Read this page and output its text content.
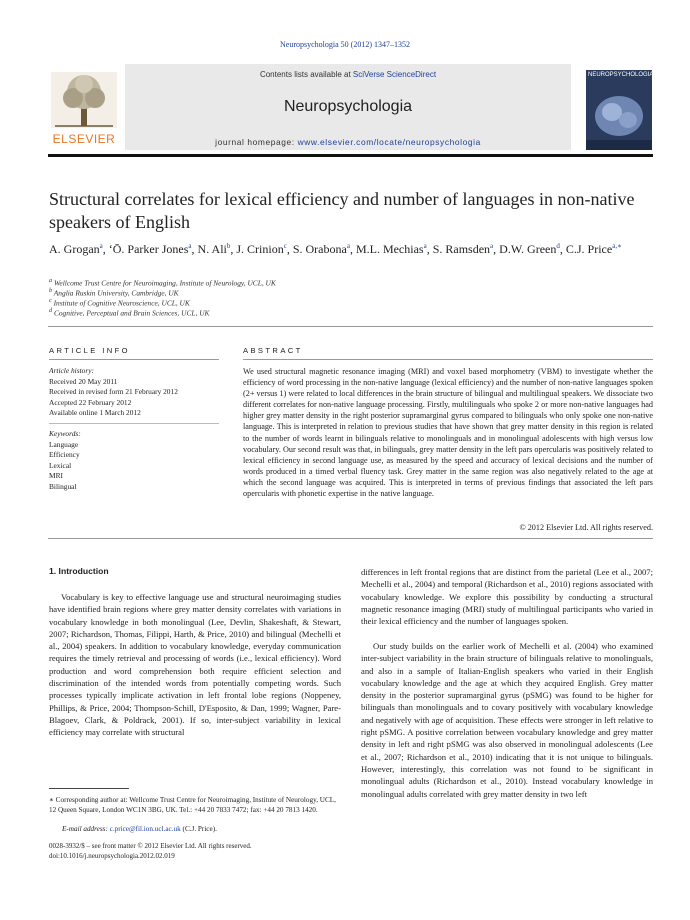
Neuropsychologia 50 (2012) 1347–1352
Contents lists available at SciVerse ScienceDirect
Neuropsychologia
journal homepage: www.elsevier.com/locate/neuropsychologia
ELSEVIER
NEUROPSYCHOLOGIA
Structural correlates for lexical efficiency and number of languages in non-native speakers of English
A. Grogan$^a$, ‘Ō. Parker Jones$^a$, N. Ali$^b$, J. Crinion$^c$, S. Orabona$^a$, M.L. Mechias$^a$, S. Ramsden$^a$, D.W. Green$^d$, C.J. Price$^{a,∗}$
$^a$ Wellcome Trust Centre for Neuroimaging, Institute of Neurology, UCL, UK
$^b$ Anglia Ruskin University, Cambridge, UK
$^c$ Institute of Cognitive Neuroscience, UCL, UK
$^d$ Cognitive, Perceptual and Brain Sciences, UCL, UK
ARTICLE INFO
Article history:
Received 20 May 2011
Received in revised form 21 February 2012
Accepted 22 February 2012
Available online 1 March 2012
Keywords:
Language
Efficiency
Lexical
MRI
Bilingual
ABSTRACT
We used structural magnetic resonance imaging (MRI) and voxel based morphometry (VBM) to investigate whether the efficiency of word processing in the non-native language (lexical efficiency) and the number of non-native languages spoken (2+ versus 1) were related to local differences in the brain structure of bilingual and multilingual speakers. We dissociate two different correlates for non-native language processing. Firstly, multilinguals who spoke 2 or more non-native languages had higher grey matter density in the right posterior supramarginal gyrus compared to bilinguals who only spoke one non-native language. This is interpreted in relation to previous studies that have shown that grey matter density in this region is related to the number of words learnt in bilinguals relative to monolinguals and in monolingual adolescents with high versus low vocabulary. Our second result was that, in bilinguals, grey matter density in the left pars opercularis was positively related to lexical efficiency in second language use, as measured by the speed and accuracy of lexical decisions and the number of words produced in a timed verbal fluency task. Grey matter in the same region was also negatively related to the age at which the second language was acquired. This is interpreted in terms of previous findings that associated the left pars opercularis with phonetic expertise in the native language.
© 2012 Elsevier Ltd. All rights reserved.
1. Introduction
Vocabulary is key to effective language use and structural neuroimaging studies have identified brain regions where grey matter density correlates with variations in vocabulary knowledge in both monolingual (Lee, Devlin, Shakeshaft, & Stewart, 2007; Richardson, Thomas, Filippi, Harth, & Price, 2010) and bilingual (Mechelli et al., 2004) speakers. In addition to vocabulary knowledge, everyday communication requires the timely retrieval and processing of words (i.e., lexical efficiency). Word production and word comprehension both require efficient selection and discrimination of the intended words from potentially competing words. Such processes typically implicate activation in left frontal lobe regions (Noppeney, Phillips, & Price, 2004; Thompson-Schill, D'Esposito, & Dan, 1999; Wagner, Pare-Blagoev, Clark, & Poldrack, 2001). If so, inter-subject variability in lexical efficiency may correlate with structural
differences in left frontal regions that are distinct from the parietal (Lee et al., 2007; Mechelli et al., 2004) and temporal (Richardson et al., 2010) regions associated with vocabulary knowledge. We explore this possibility by conducting a structural magnetic resonance imaging (MRI) study of multilingual participants who varied in their lexical efficiency and the number of languages spoken.
Our study builds on the earlier work of Mechelli et al. (2004) who examined inter-subject variability in the brain structure of bilinguals relative to monolinguals, and also in a sample of Italian-English speakers who varied in their English vocabulary knowledge and the age at which they acquired English. Grey matter density in the posterior supramarginal gyrus (pSMG) was found to be higher for bilinguals than monolinguals and to covary positively with vocabulary knowledge and negatively with age of acquisition. These effects were stronger in left relative to right pSMG. A positive correlation between vocabulary knowledge and grey matter density in left and right pSMG was also observed in monolingual adolescents (Lee et al., 2007; Richardson et al., 2010) indicating that it is not unique to bilinguals. However, interestingly, this correlation was not found to be significant in monolingual adults (Richardson et al., 2010). Instead vocabulary knowledge in monolingual adults correlated with grey matter density in two left
∗ Corresponding author at: Wellcome Trust Centre for Neuroimaging, Institute of Neurology, UCL, 12 Queen Square, London WC1N 3BG, UK. Tel.: +44 20 7833 7472; fax: +44 20 7813 1420.
E-mail address: c.price@fil.ion.ucl.ac.uk (C.J. Price).
0028-3932/$ – see front matter © 2012 Elsevier Ltd. All rights reserved.
doi:10.1016/j.neuropsychologia.2012.02.019
